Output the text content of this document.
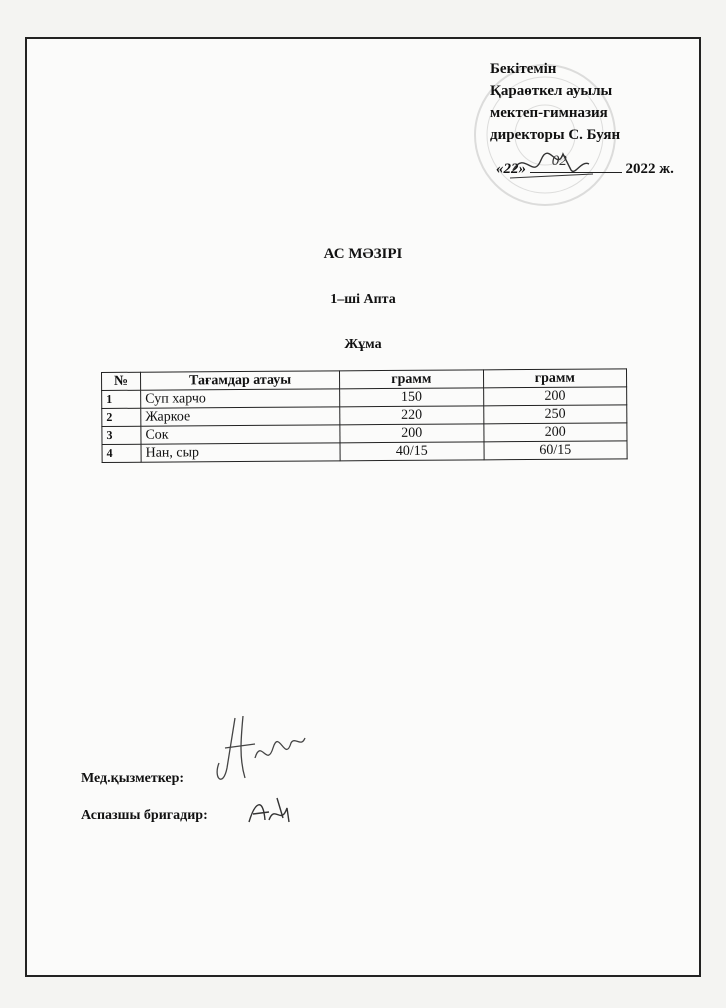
Бекітемін
Қараөткел ауылы
мектеп-гимназия
директоры С. Буян
«22» 02	2022 ж.
АС МӘЗІРІ
1–ші Апта
Жұма
№	Тағамдар атауы	грамм	грамм
1	Суп харчо	150	200
2	Жаркое	220	250
3	Сок	200	200
4	Нан, сыр	40/15	60/15
Мед.қызметкер:
Аспазшы бригадир:
